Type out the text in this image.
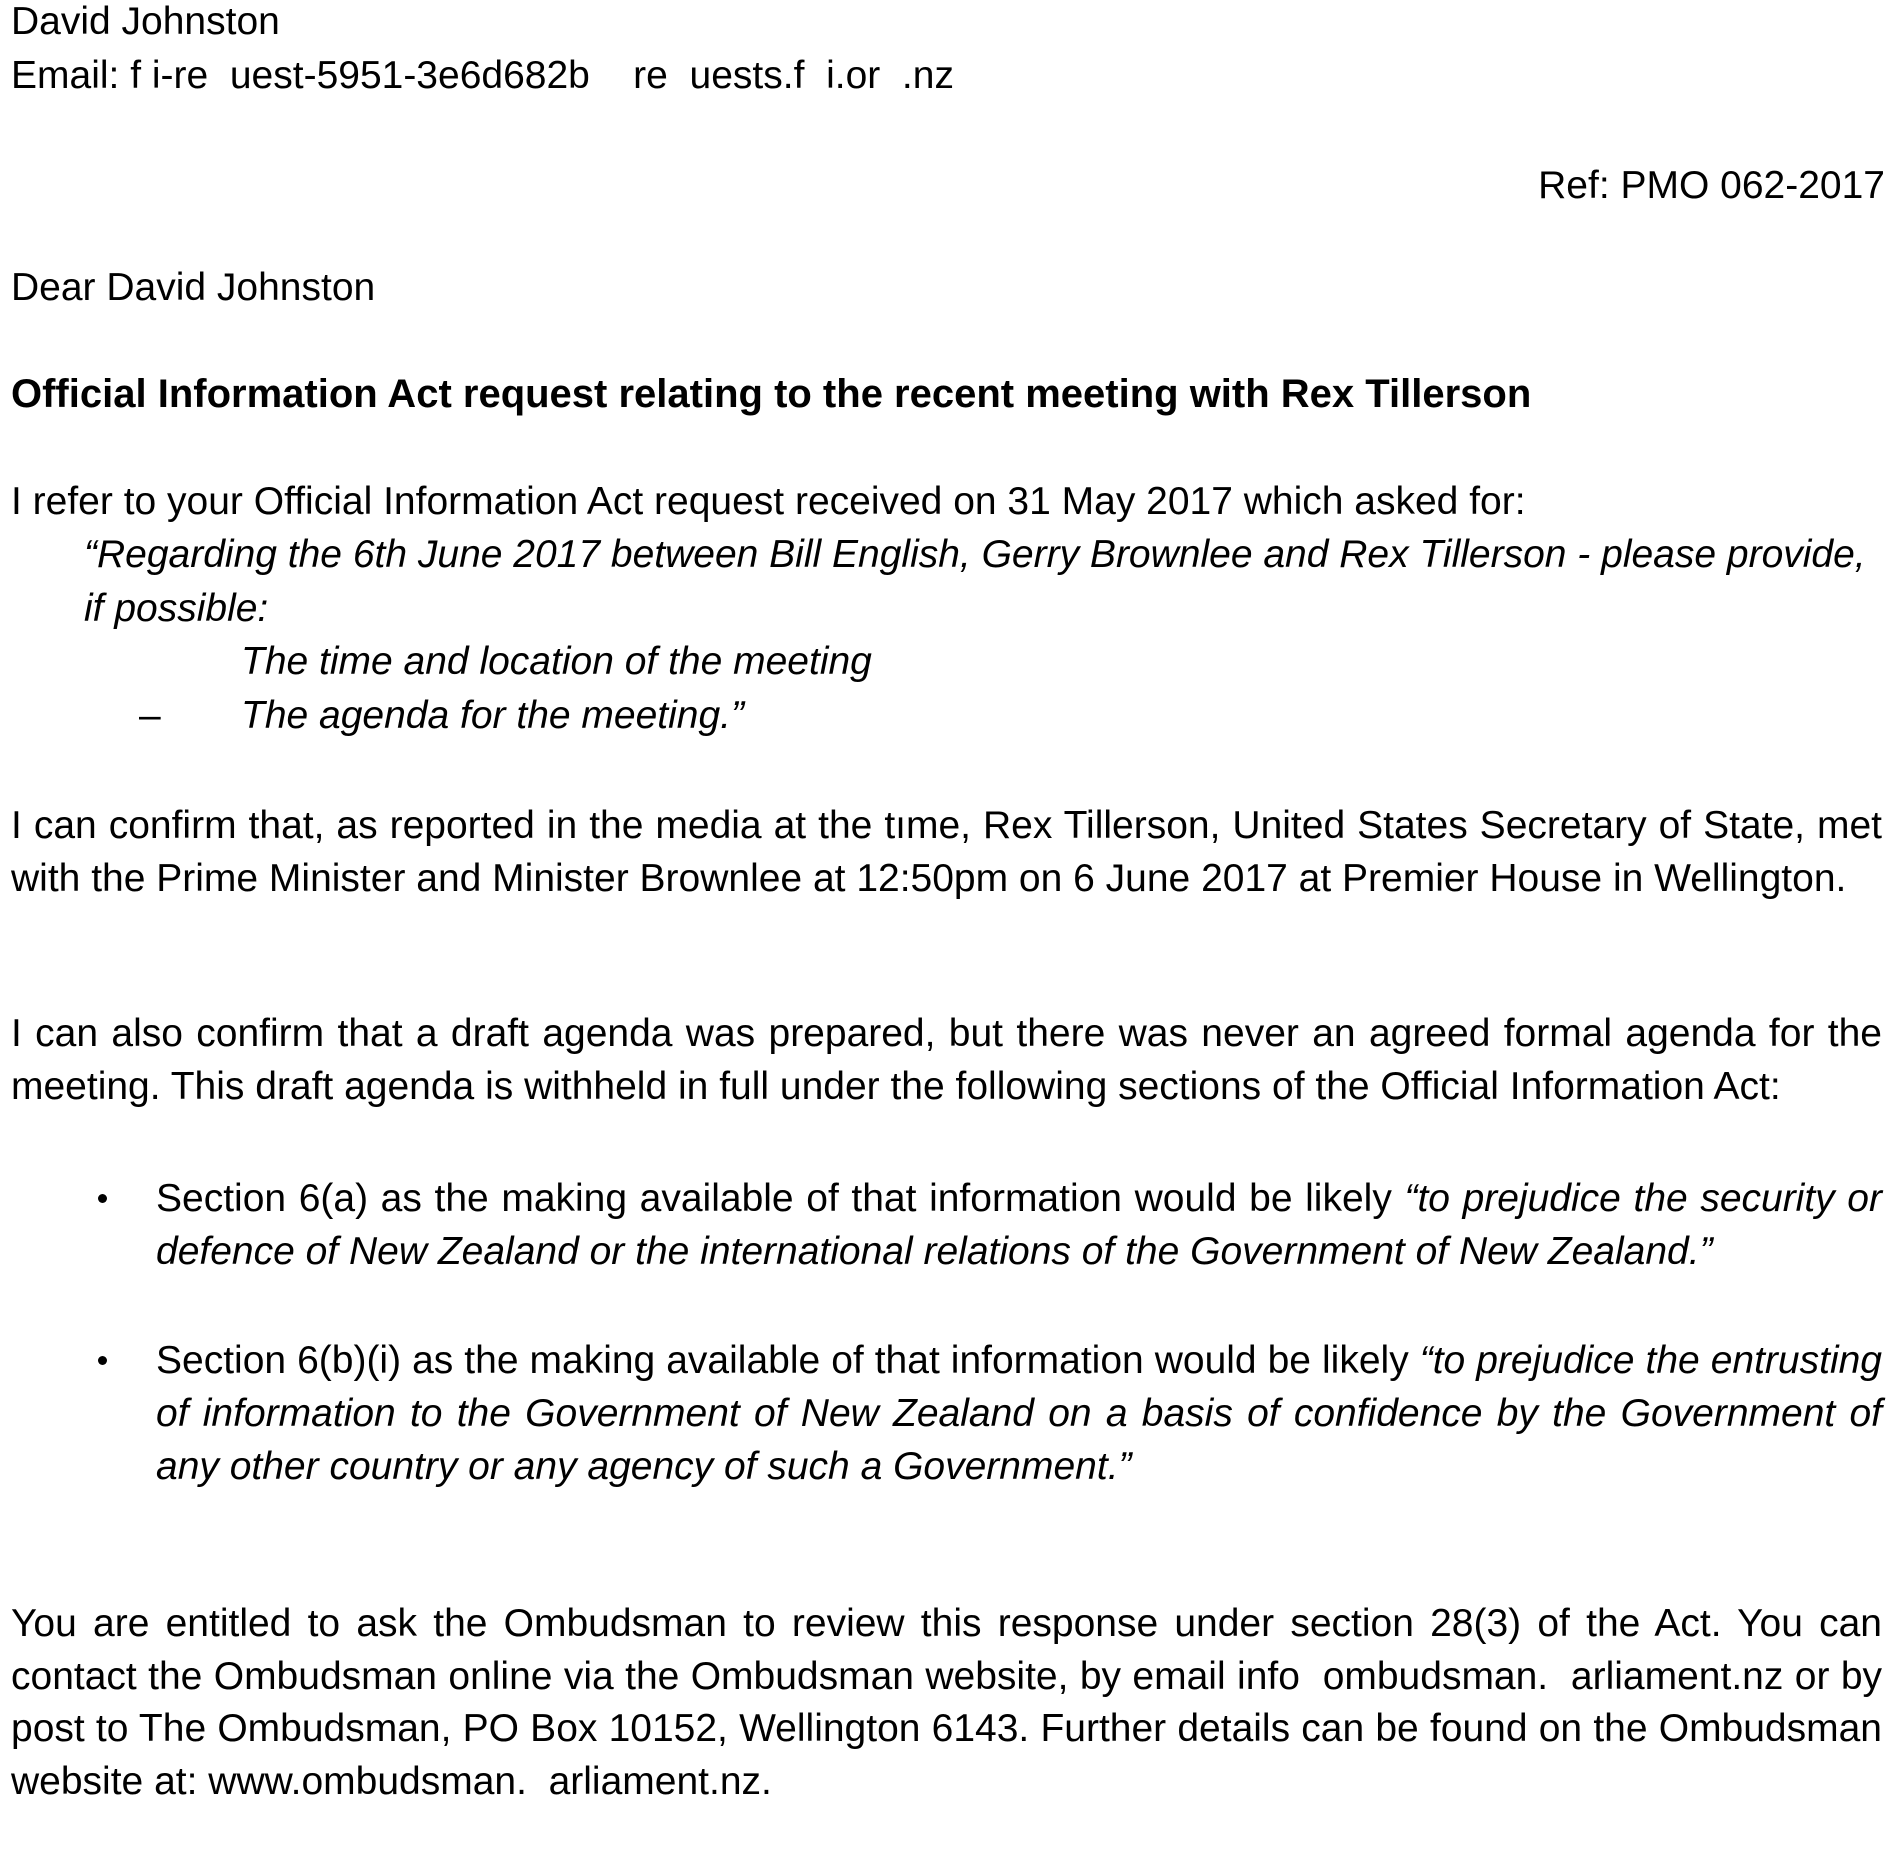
David Johnston
Email: f i-re  uest-5951-3e6d682b    re  uests.f  i.or  .nz
Ref: PMO 062-2017
Dear David Johnston
Official Information Act request relating to the recent meeting with Rex Tillerson
I refer to your Official Information Act request received on 31 May 2017 which asked for:
“Regarding the 6th June 2017 between Bill English, Gerry Brownlee and Rex Tillerson - please provide, if possible:
The time and location of the meeting
– The agenda for the meeting.”
I can confirm that, as reported in the media at the tıme, Rex Tillerson, United States Secretary of State, met with the Prime Minister and Minister Brownlee at 12:50pm on 6 June 2017 at Premier House in Wellington.
I can also confirm that a draft agenda was prepared, but there was never an agreed formal agenda for the meeting. This draft agenda is withheld in full under the following sections of the Official Information Act:
Section 6(a) as the making available of that information would be likely “to prejudice the security or defence of New Zealand or the international relations of the Government of New Zealand.”
Section 6(b)(i) as the making available of that information would be likely “to prejudice the entrusting of information to the Government of New Zealand on a basis of confidence by the Government of any other country or any agency of such a Government.”
You are entitled to ask the Ombudsman to review this response under section 28(3) of the Act. You can contact the Ombudsman online via the Ombudsman website, by email info  ombudsman.  arliament.nz or by post to The Ombudsman, PO Box 10152, Wellington 6143. Further details can be found on the Ombudsman website at: www.ombudsman.  arliament.nz.
